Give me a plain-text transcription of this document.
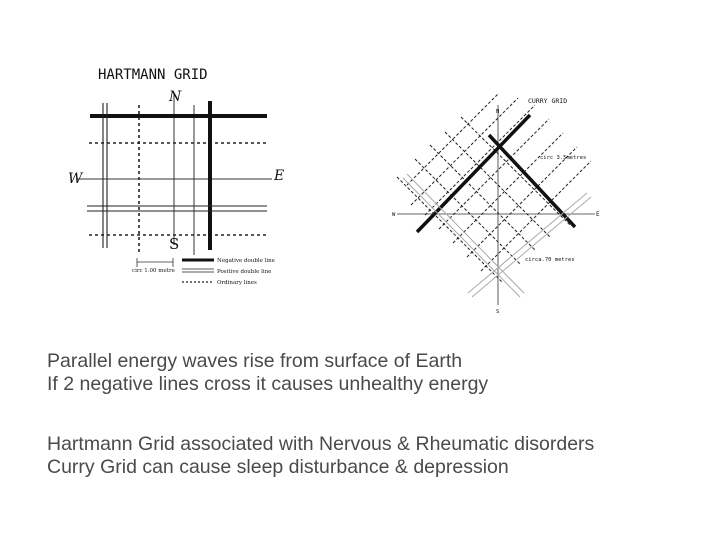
HARTMANN GRID
N
S
W	E
circ 1.00 metre
Negative double line
Positive double line
Ordinary lines
CURRY GRID
N
S
W	E
circ 3.5metres
circa.70 metres
Parallel energy waves rise from surface of Earth
If 2 negative lines cross it causes unhealthy energy
Hartmann Grid associated with Nervous & Rheumatic disorders
Curry Grid can cause sleep disturbance & depression
